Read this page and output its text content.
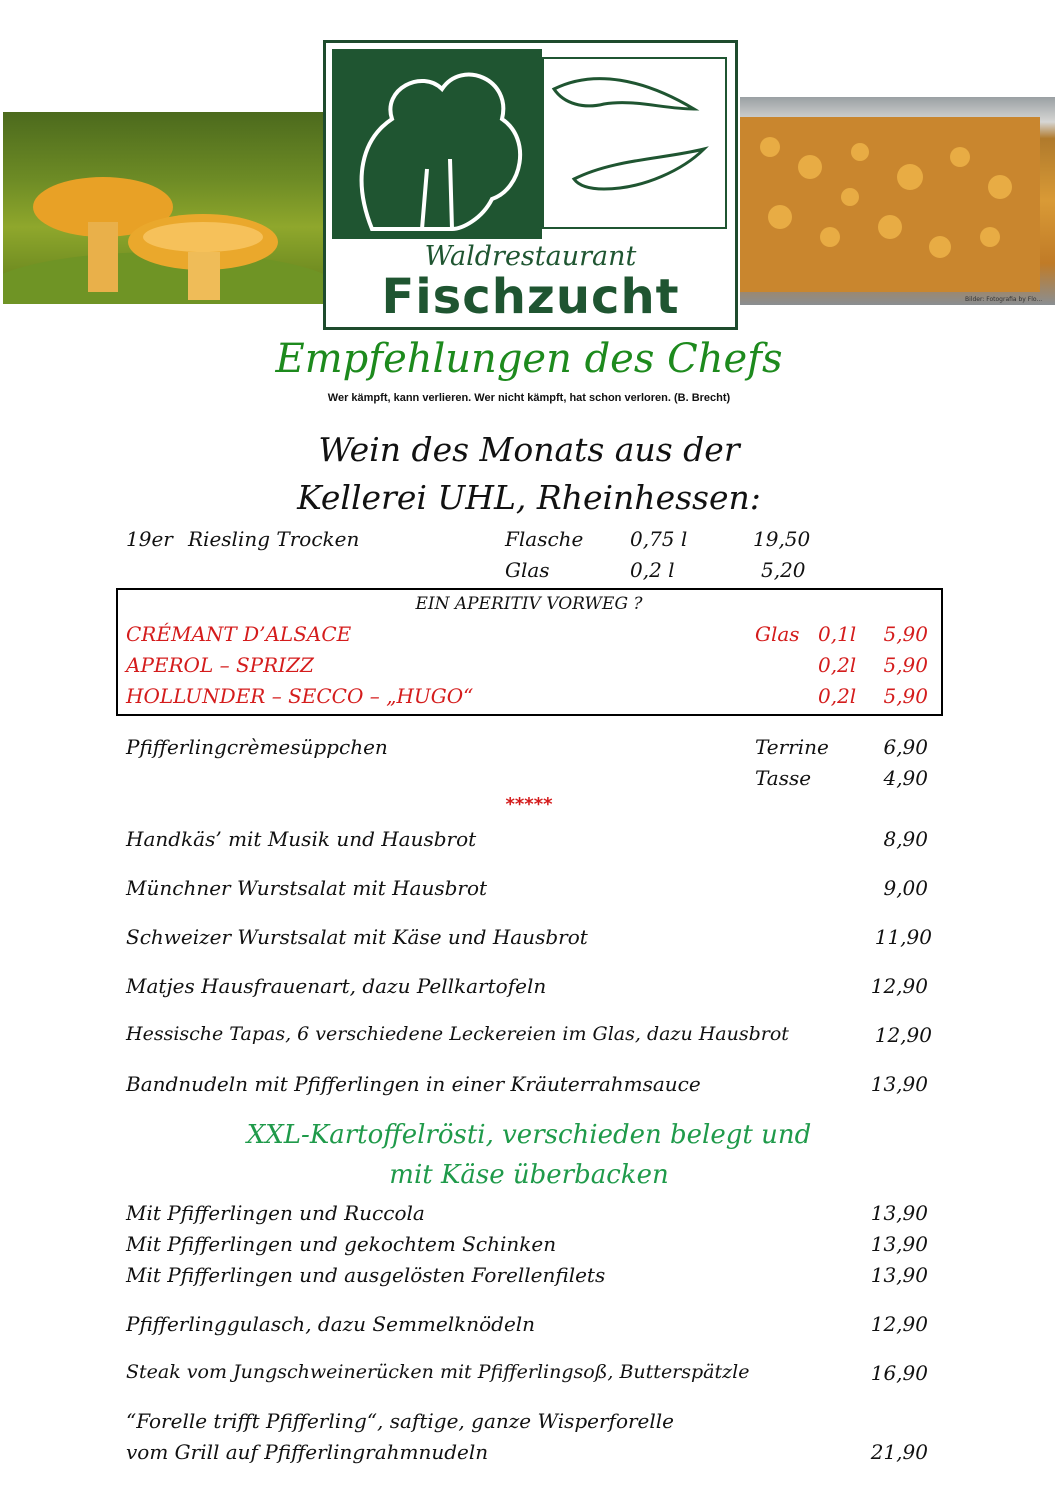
Waldrestaurant
Fischzucht	Bilder: Fotografia by Flo...
Empfehlungen des Chefs
Wer kämpft, kann verlieren. Wer nicht kämpft, hat schon verloren. (B. Brecht)
Wein des Monats aus der
Kellerei UHL, Rheinhessen:
19er Riesling Trocken	Flasche 0,75 l	19,50
Glas	0,2 l	5,20
EIN APERITIV VORWEG ?
CRÉMANT D’ALSACE	Glas 0,1l	5,90
APEROL – SPRIZZ	0,2l	5,90
HOLLUNDER – SECCO – „HUGO“	0,2l	5,90
Pfifferlingcrèmesüppchen	Terrine	6,90
Tasse	4,90
*****
Handkäs’ mit Musik und Hausbrot	8,90
Münchner Wurstsalat mit Hausbrot	9,00
Schweizer Wurstsalat mit Käse und Hausbrot	11,90
Matjes Hausfrauenart, dazu Pellkartofeln	12,90
Hessische Tapas, 6 verschiedene Leckereien im Glas, dazu Hausbrot	12,90
Bandnudeln mit Pfifferlingen in einer Kräuterrahmsauce	13,90
XXL-Kartoffelrösti, verschieden belegt und
mit Käse überbacken
Mit Pfifferlingen und Ruccola	13,90
Mit Pfifferlingen und gekochtem Schinken	13,90
Mit Pfifferlingen und ausgelösten Forellenfilets	13,90
Pfifferlinggulasch, dazu Semmelknödeln	12,90
Steak vom Jungschweinerücken mit Pfifferlingsoß, Butterspätzle	16,90
“Forelle trifft Pfifferling“, saftige, ganze Wisperforelle
vom Grill auf Pfifferlingrahmnudeln	21,90
